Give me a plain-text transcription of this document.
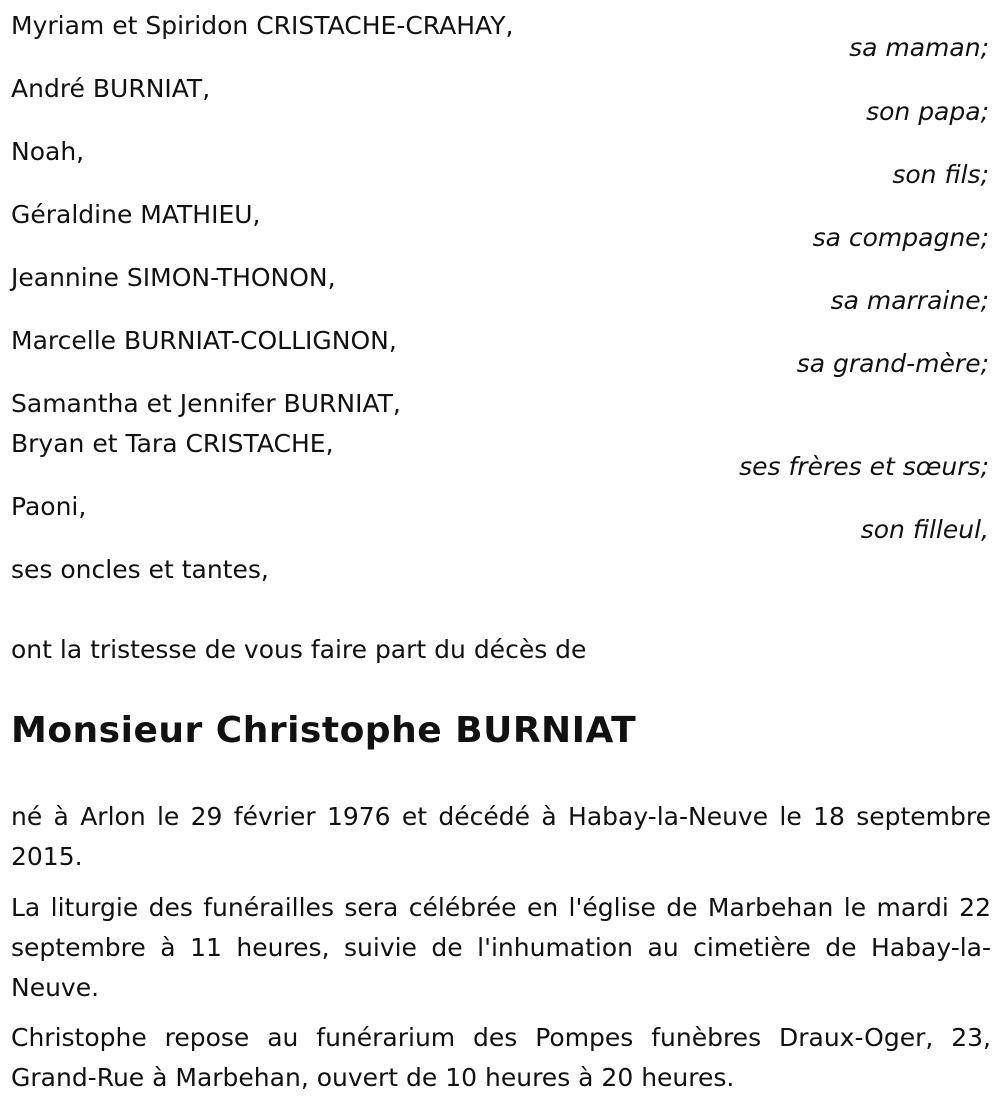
Myriam et Spiridon CRISTACHE-CRAHAY,
sa maman;
André BURNIAT,
son papa;
Noah,
son fils;
Géraldine MATHIEU,
sa compagne;
Jeannine SIMON-THONON,
sa marraine;
Marcelle BURNIAT-COLLIGNON,
sa grand-mère;
Samantha et Jennifer BURNIAT,
Bryan et Tara CRISTACHE,
ses frères et sœurs;
Paoni,
son filleul,
ses oncles et tantes,
ont la tristesse de vous faire part du décès de
Monsieur Christophe BURNIAT

né à Arlon le 29 février 1976 et décédé à Habay-la-Neuve le 18 septembre 2015.

La liturgie des funérailles sera célébrée en l'église de Marbehan le mardi 22 septembre à 11 heures, suivie de l'inhumation au cimetière de Habay-la-Neuve.

Christophe repose au funérarium des Pompes funèbres Draux-Oger, 23, Grand-Rue à Marbehan, ouvert de 10 heures à 20 heures.
